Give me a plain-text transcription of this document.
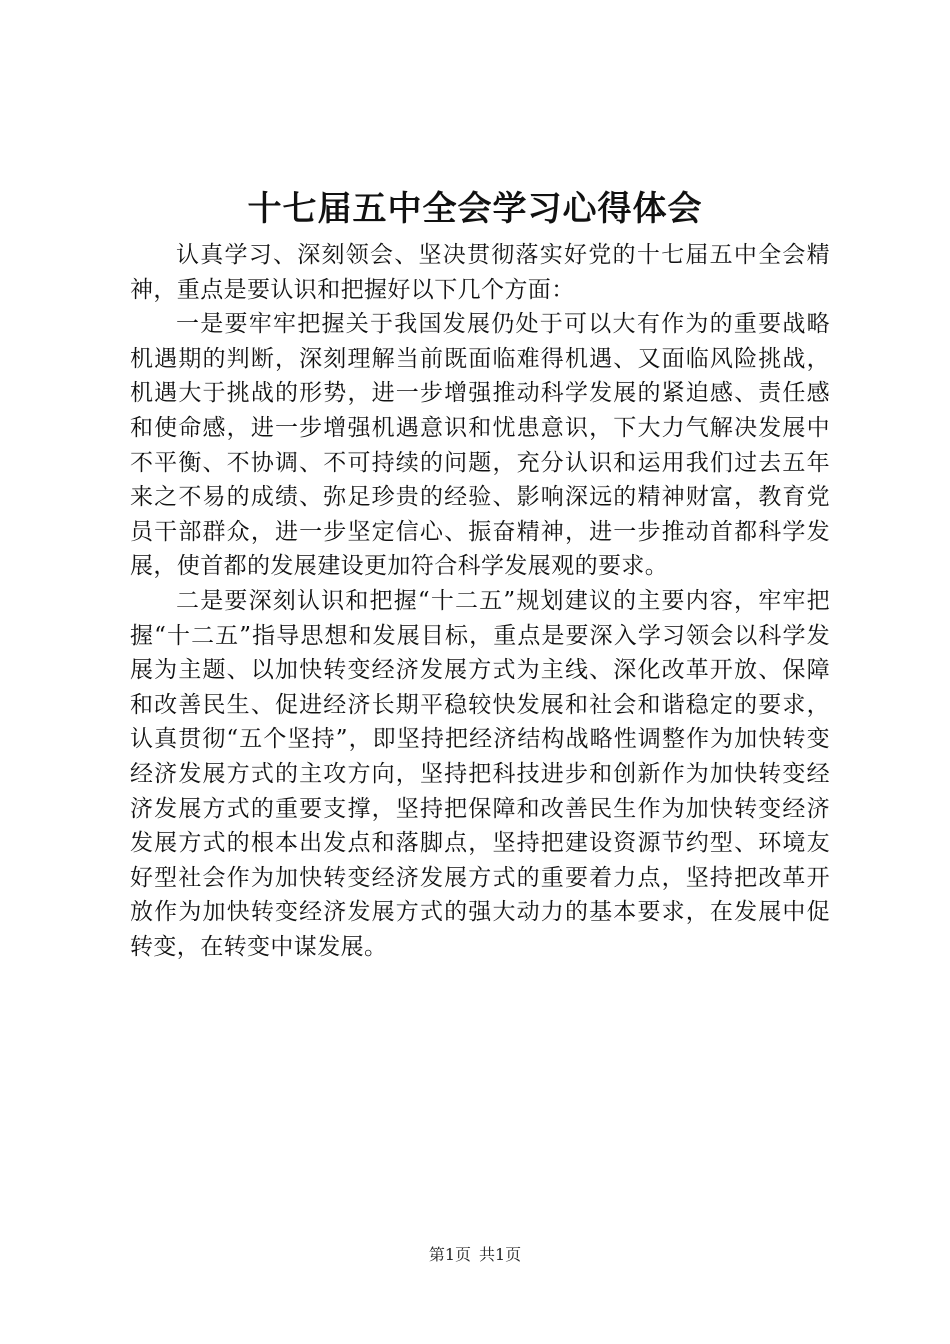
十七届五中全会学习心得体会

认真学习、深刻领会、坚决贯彻落实好党的十七届五中全会精神，重点是要认识和把握好以下几个方面：

一是要牢牢把握关于我国发展仍处于可以大有作为的重要战略机遇期的判断，深刻理解当前既面临难得机遇、又面临风险挑战，机遇大于挑战的形势，进一步增强推动科学发展的紧迫感、责任感和使命感，进一步增强机遇意识和忧患意识，下大力气解决发展中不平衡、不协调、不可持续的问题，充分认识和运用我们过去五年来之不易的成绩、弥足珍贵的经验、影响深远的精神财富，教育党员干部群众，进一步坚定信心、振奋精神，进一步推动首都科学发展，使首都的发展建设更加符合科学发展观的要求。

二是要深刻认识和把握“十二五”规划建议的主要内容，牢牢把握“十二五”指导思想和发展目标，重点是要深入学习领会以科学发展为主题、以加快转变经济发展方式为主线、深化改革开放、保障和改善民生、促进经济长期平稳较快发展和社会和谐稳定的要求，认真贯彻“五个坚持”，即坚持把经济结构战略性调整作为加快转变经济发展方式的主攻方向，坚持把科技进步和创新作为加快转变经济发展方式的重要支撑，坚持把保障和改善民生作为加快转变经济发展方式的根本出发点和落脚点，坚持把建设资源节约型、环境友好型社会作为加快转变经济发展方式的重要着力点，坚持把改革开放作为加快转变经济发展方式的强大动力的基本要求，在发展中促转变，在转变中谋发展。

第1页 共1页
